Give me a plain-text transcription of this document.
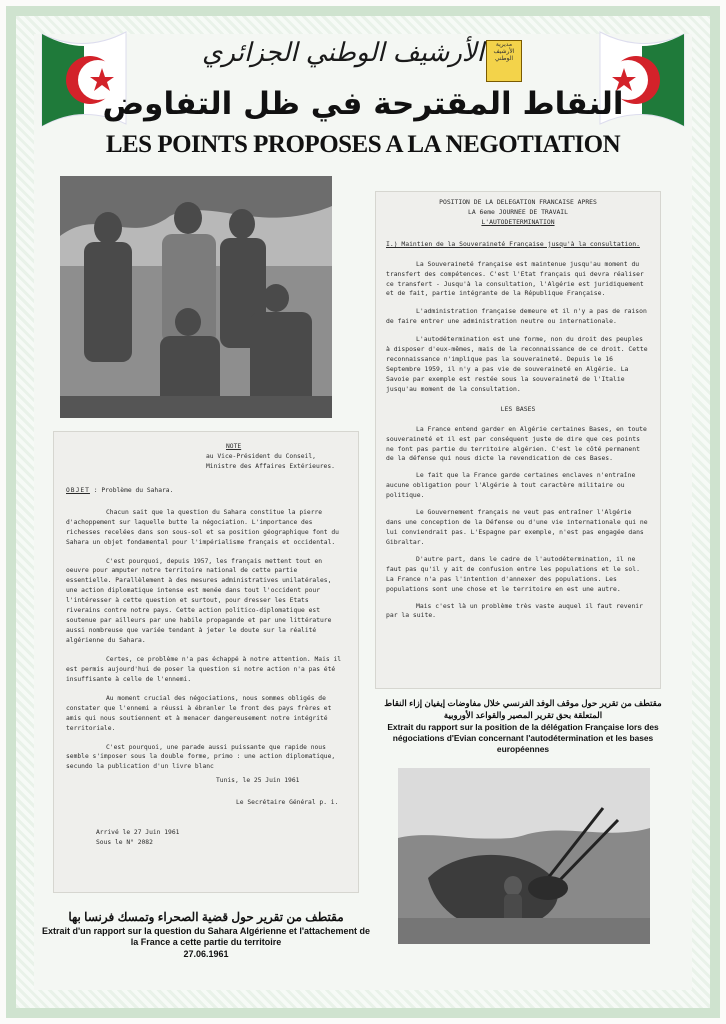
الأرشيف الوطني الجزائري	مديرية الأرشيف الوطني
النقاط المقترحة في ظل التفاوض
LES POINTS PROPOSES A LA NEGOTIATION

POSITION DE LA DELEGATION FRANCAISE APRES

LA 6eme JOURNEE DE TRAVAIL

L'AUTODETERMINATION

I.) Maintien de la Souveraineté Française jusqu'à la consultation.

La Souveraineté française est maintenue jusqu'au moment du transfert des compétences. C'est l'Etat français qui devra réaliser ce transfert - Jusqu'à la consultation, l'Algérie est juridiquement et de fait, partie intégrante de la République Française.

L'administration française demeure et il n'y a pas de raison de faire entrer une administration neutre ou internationale.

L'autodétermination est une forme, non du droit des peuples à disposer d'eux-mêmes, mais de la reconnaissance de ce droit. Cette reconnaissance n'implique pas la souveraineté. Depuis le 16 Septembre 1959, il n'y a pas vie de souveraineté en Algérie. La Savoie par exemple est restée sous la souveraineté de l'Italie jusqu'au moment de la consultation.

LES BASES

La France entend garder en Algérie certaines Bases, en toute souveraineté et il est par conséquent juste de dire que ces points ne font pas partie du territoire algérien. C'est le côté permanent de la défense qui nous dicte la revendication de ces Bases.

Le fait que la France garde certaines enclaves n'entraîne aucune obligation pour l'Algérie à tout caractère militaire ou politique.

Le Gouvernement français ne veut pas entraîner l'Algérie dans une conception de la Défense ou d'une vie internationale qui ne lui conviendrait pas. L'Espagne par exemple, n'est pas engagée dans Gibraltar.

D'autre part, dans le cadre de l'autodétermination, il ne faut pas qu'il y ait de confusion entre les populations et le sol. La France n'a pas l'intention d'annexer des populations. Les populations sont une chose et le territoire en est une autre.

Mais c'est là un problème très vaste auquel il faut revenir par la suite.

NOTE

au Vice-Président du Conseil,

Ministre des Affaires Extérieures.

OBJET : Problème du Sahara.

Chacun sait que la question du Sahara constitue la pierre d'achoppement sur laquelle butte la négociation. L'importance des richesses recelées dans son sous-sol et sa position géographique font du Sahara un objet fondamental pour l'impérialisme français et occidental.

C'est pourquoi, depuis 1957, les français mettent tout en oeuvre pour amputer notre territoire national de cette partie essentielle. Parallèlement à des mesures administratives unilatérales, une action diplomatique intense est menée dans tout l'occident pour l'intéresser à cette question et surtout, pour dresser les Etats riverains contre notre pays. Cette action politico-diplomatique est soutenue par ailleurs par une habile propagande et par une littérature aussi nombreuse que variée tendant à jeter le doute sur la réalité algérienne du Sahara.

Certes, ce problème n'a pas échappé à notre attention. Mais il est permis aujourd'hui de poser la question si notre action n'a pas été insuffisante à celle de l'ennemi.

Au moment crucial des négociations, nous sommes obligés de constater que l'ennemi a réussi à ébranler le front des pays frères et amis qui nous soutiennent et à menacer dangereusement notre intégrité territoriale.

C'est pourquoi, une parade aussi puissante que rapide nous semble s'imposer sous la double forme, primo : une action diplomatique, secundo la publication d'un livre blanc

Tunis, le 25 Juin 1961

Le Secrétaire Général p. i.

Arrivé le 27 Juin 1961

Sous le N° 2082

مقتطف من تقرير حول موقف الوفد الفرنسي خلال مفاوضات إيفيان إزاء النقاط المتعلقة بحق تقرير المصير والقواعد الأوروبية
Extrait du rapport sur la position de la délégation Française lors des négociations d'Evian concernant l'autodétermination et les bases européennes
مقتطف من تقرير حول قضية الصحراء وتمسك فرنسا بها
Extrait d'un rapport sur la question du Sahara Algérienne et l'attachement de la France a cette partie du territoire
27.06.1961
